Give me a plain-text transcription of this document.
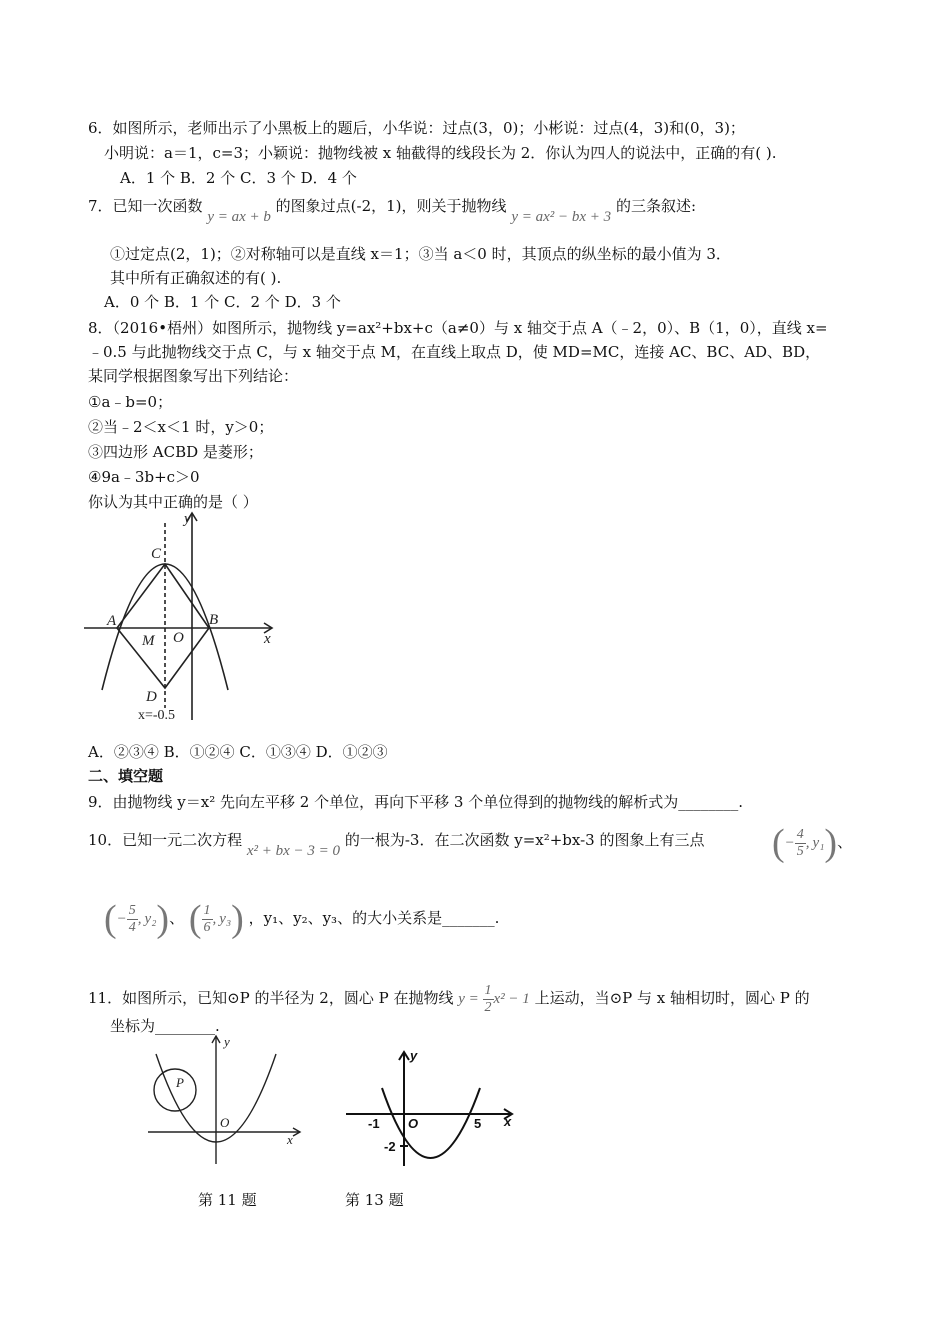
6．如图所示，老师出示了小黑板上的题后，小华说：过点(3，0)；小彬说：过点(4，3)和(0，3)；
小明说：a＝1，c=3；小颖说：抛物线被 x 轴截得的线段长为 2．你认为四人的说法中，正确的有( ).
A．1 个 B．2 个 C．3 个 D．4 个
7．已知一次函数 y = ax + b 的图象过点(-2，1)，则关于抛物线 y = ax² − bx + 3 的三条叙述:
①过定点(2，1)；②对称轴可以是直线 x＝1；③当 a＜0 时，其顶点的纵坐标的最小值为 3．
其中所有正确叙述的有( ).
A．0 个 B．1 个 C．2 个 D．3 个
8．（2016•梧州）如图所示，抛物线 y=ax²+bx+c（a≠0）与 x 轴交于点 A（﹣2，0）、B（1，0），直线 x=
﹣0.5 与此抛物线交于点 C，与 x 轴交于点 M，在直线上取点 D，使 MD=MC，连接 AC、BC、AD、BD，
某同学根据图象写出下列结论：
①a﹣b=0；
②当﹣2＜x＜1 时，y＞0；
③四边形 ACBD 是菱形；
④9a﹣3b+c＞0
你认为其中正确的是（ ）
y
x
C
A	B
M O
D
x=-0.5
A．②③④ B．①②④ C．①③④ D．①②③
二、填空题
9．由抛物线 y＝x² 先向左平移 2 个单位，再向下平移 3 个单位得到的抛物线的解析式为________.
10．已知一元二次方程 x² + bx − 3 = 0 的一根为-3．在二次函数 y=x²+bx-3 的图象上有三点 (− $\frac{4}{5}$ , y₁)、
(− $\frac{5}{4}$ , y₂)、 ( $\frac{1}{6}$ , y₃) ，y₁、y₂、y₃、的大小关系是_______.
11．如图所示，已知⊙P 的半径为 2，圆心 P 在抛物线 $y = \frac{1}{2} x^2 - 1$ 上运动，当⊙P 与 x 轴相切时，圆心 P 的
坐标为________.
y
x
P
O
第 11 题
y
x
-1 O	5
-2
第 13 题
